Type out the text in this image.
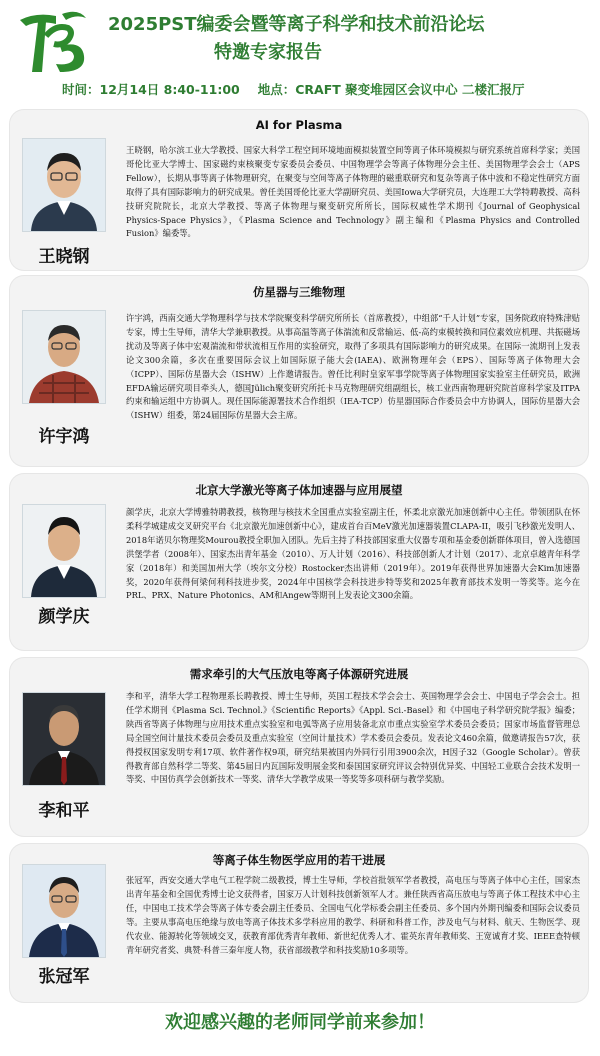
2025PST编委会暨等离子科学和技术前沿论坛
特邀专家报告
时间：12月14日 8:40-11:00 地点：CRAFT 聚变堆园区会议中心 二楼汇报厅
AI for Plasma
王晓钢
王晓钢，哈尔滨工业大学教授、国家大科学工程空间环境地面模拟装置空间等离子体环境模拟与研究系统首席科学家；美国哥伦比亚大学博士、国家磁约束核聚变专家委员会委员、中国物理学会等离子体物理分会主任、美国物理学会会士（APS Fellow），长期从事等离子体物理研究，在聚变与空间等离子体物理的磁重联研究和复杂等离子体中波和不稳定性研究方面取得了具有国际影响力的研究成果。曾任美国哥伦比亚大学副研究员、美国Iowa大学研究员，大连理工大学特聘教授、高科技研究院院长，北京大学教授、等离子体物理与聚变研究所所长，国际权威性学术期刊《Journal of Geophysical Physics-Space Physics》，《Plasma Science and Technology》副主编和《Plasma Physics and Controlled Fusion》编委等。
仿星器与三维物理
许宇鸿
许宇鸿，西南交通大学物理科学与技术学院聚变科学研究所所长（首席教授），中组部“千人计划”专家，国务院政府特殊津贴专家，博士生导师，清华大学兼职教授。从事高温等离子体湍流和反常输运、低-高约束模转换和同位素效应机理、共振磁场扰动及等离子体中宏观湍流和带状流相互作用的实验研究，取得了多项具有国际影响力的研究成果。在国际一流期刊上发表论文300余篇，多次在重要国际会议上如国际原子能大会(IAEA)、欧洲物理年会（EPS）、国际等离子体物理大会（ICPP）、国际仿星器大会（ISHW）上作邀请报告。曾任比利时皇家军事学院等离子体物理国家实验室主任研究员，欧洲EFDA输运研究项目牵头人，德国Jülich聚变研究所托卡马克物理研究组副组长，核工业西南物理研究院首席科学家及ITPA约束和输运组中方协调人。现任国际能源署技术合作组织（IEA-TCP）仿星器国际合作委员会中方协调人，国际仿星器大会（ISHW）组委，第24届国际仿星器大会主席。
北京大学激光等离子体加速器与应用展望
颜学庆
颜学庆，北京大学博雅特聘教授，核物理与核技术全国重点实验室副主任，怀柔北京激光加速创新中心主任。带领团队在怀柔科学城建成交叉研究平台《北京激光加速创新中心》，建成首台百MeV激光加速器装置CLAPA-II，吸引飞秒激光发明人、2018年诺贝尔物理奖Mourou教授全职加入团队。先后主持了科技部国家重大仪器专项和基金委创新群体项目，曾入选德国洪堡学者（2008年）、国家杰出青年基金（2010）、万人计划（2016）、科技部创新人才计划（2017）、北京卓越青年科学家（2018年）和美国加州大学（埃尔文分校）Rostocker杰出讲师（2019年）。2019年获得世界加速器大会Kim加速器奖，2020年获得何梁何利科技进步奖，2024年中国核学会科技进步特等奖和2025年教育部技术发明一等奖等。迄今在PRL、PRX、Nature Photonics、AM和Angew等期刊上发表论文300余篇。
需求牵引的大气压放电等离子体源研究进展
李和平
李和平，清华大学工程物理系长聘教授、博士生导师，英国工程技术学会会士、英国物理学会会士、中国电子学会会士。担任学术期刊《Plasma Sci. Technol.》《Scientific Reports》《Appl. Sci.-Basel》和《中国电子科学研究院学报》编委；陕西省等离子体物理与应用技术重点实验室和电弧等离子应用装备北京市重点实验室学术委员会委员；国家市场监督管理总局全国空间计量技术委员会委员及重点实验室（空间计量技术）学术委员会委员。发表论文460余篇，做邀请报告57次，获得授权国家发明专利17项、软件著作权9项，研究结果被国内外同行引用3900余次，H因子32（Google Scholar）。曾获得教育部自然科学二等奖、第45届日内瓦国际发明展金奖和泰国国家研究评议会特别优异奖、中国轻工业联合会技术发明一等奖、中国仿真学会创新技术一等奖、清华大学教学成果一等奖等多项科研与教学奖励。
等离子体生物医学应用的若干进展
张冠军
张冠军，西安交通大学电气工程学院二级教授，博士生导师，学校首批领军学者教授，高电压与等离子体中心主任，国家杰出青年基金和全国优秀博士论文获得者，国家万人计划科技创新领军人才。兼任陕西省高压放电与等离子体工程技术中心主任，中国电工技术学会等离子体专委会副主任委员、全国电气化学标委会副主任委员、多个国内外期刊编委和国际会议委员等。主要从事高电压绝缘与放电等离子体技术多学科应用的教学、科研和科普工作，涉及电气与材料、航天、生物医学、现代农业、能源转化等领域交叉，获教育部优秀青年教师、新世纪优秀人才、霍英东青年教师奖、王宽诚育才奖、IEEE查特顿青年研究者奖、典赞·科普三秦年度人物，获省部级教学和科技奖励10多项等。
欢迎感兴趣的老师同学前来参加！
